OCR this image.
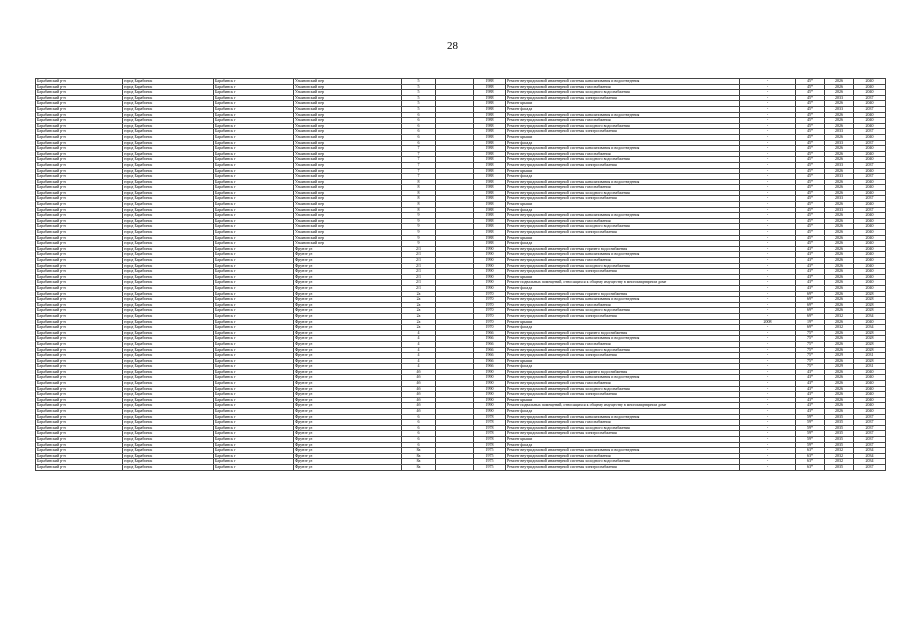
28
Барабинский р-н	город Барабинск	Барабинск г	Ульяновский пер	5		1988	Ремонт внутридомовой инженерной системы канализования и водоотведения	-	45*	2026	2040
Барабинский р-н	город Барабинск	Барабинск г	Ульяновский пер	5		1988	Ремонт внутридомовой инженерной системы газоснабжения	-	45*	2026	2040
Барабинский р-н	город Барабинск	Барабинск г	Ульяновский пер	5		1988	Ремонт внутридомовой инженерной системы холодного водоснабжения	-	45*	2026	2040
Барабинский р-н	город Барабинск	Барабинск г	Ульяновский пер	5		1988	Ремонт внутридомовой инженерной системы электроснабжения	-	45*	2033	2037
Барабинский р-н	город Барабинск	Барабинск г	Ульяновский пер	5		1988	Ремонт крыши	-	45*	2026	2040
Барабинский р-н	город Барабинск	Барабинск г	Ульяновский пер	5		1988	Ремонт фасада	-	45*	2033	2037
Барабинский р-н	город Барабинск	Барабинск г	Ульяновский пер	6		1988	Ремонт внутридомовой инженерной системы канализования и водоотведения	-	45*	2026	2040
Барабинский р-н	город Барабинск	Барабинск г	Ульяновский пер	6		1988	Ремонт внутридомовой инженерной системы газоснабжения	-	45*	2026	2040
Барабинский р-н	город Барабинск	Барабинск г	Ульяновский пер	6		1988	Ремонт внутридомовой инженерной системы холодного водоснабжения	-	45*	2026	2040
Барабинский р-н	город Барабинск	Барабинск г	Ульяновский пер	6		1988	Ремонт внутридомовой инженерной системы электроснабжения	-	45*	2033	2037
Барабинский р-н	город Барабинск	Барабинск г	Ульяновский пер	6		1988	Ремонт крыши	-	45*	2026	2040
Барабинский р-н	город Барабинск	Барабинск г	Ульяновский пер	6		1988	Ремонт фасада	-	45*	2033	2037
Барабинский р-н	город Барабинск	Барабинск г	Ульяновский пер	7		1988	Ремонт внутридомовой инженерной системы канализования и водоотведения	-	45*	2026	2040
Барабинский р-н	город Барабинск	Барабинск г	Ульяновский пер	7		1988	Ремонт внутридомовой инженерной системы газоснабжения	-	45*	2026	2040
Барабинский р-н	город Барабинск	Барабинск г	Ульяновский пер	7		1988	Ремонт внутридомовой инженерной системы холодного водоснабжения	-	45*	2026	2040
Барабинский р-н	город Барабинск	Барабинск г	Ульяновский пер	7		1988	Ремонт внутридомовой инженерной системы электроснабжения	-	45*	2033	2037
Барабинский р-н	город Барабинск	Барабинск г	Ульяновский пер	7		1988	Ремонт крыши	-	45*	2026	2040
Барабинский р-н	город Барабинск	Барабинск г	Ульяновский пер	7		1988	Ремонт фасада	-	45*	2033	2037
Барабинский р-н	город Барабинск	Барабинск г	Ульяновский пер	8		1988	Ремонт внутридомовой инженерной системы канализования и водоотведения	-	45*	2026	2040
Барабинский р-н	город Барабинск	Барабинск г	Ульяновский пер	8		1988	Ремонт внутридомовой инженерной системы газоснабжения	-	45*	2026	2040
Барабинский р-н	город Барабинск	Барабинск г	Ульяновский пер	8		1988	Ремонт внутридомовой инженерной системы холодного водоснабжения	-	45*	2026	2040
Барабинский р-н	город Барабинск	Барабинск г	Ульяновский пер	8		1988	Ремонт внутридомовой инженерной системы электроснабжения	-	45*	2033	2037
Барабинский р-н	город Барабинск	Барабинск г	Ульяновский пер	8		1988	Ремонт крыши	-	45*	2026	2040
Барабинский р-н	город Барабинск	Барабинск г	Ульяновский пер	8		1988	Ремонт фасада	-	45*	2033	2037
Барабинский р-н	город Барабинск	Барабинск г	Ульяновский пер	9		1988	Ремонт внутридомовой инженерной системы канализования и водоотведения	-	45*	2026	2040
Барабинский р-н	город Барабинск	Барабинск г	Ульяновский пер	9		1988	Ремонт внутридомовой инженерной системы газоснабжения	-	45*	2026	2040
Барабинский р-н	город Барабинск	Барабинск г	Ульяновский пер	9		1988	Ремонт внутридомовой инженерной системы холодного водоснабжения	-	45*	2026	2040
Барабинский р-н	город Барабинск	Барабинск г	Ульяновский пер	9		1988	Ремонт внутридомовой инженерной системы электроснабжения	-	45*	2026	2040
Барабинский р-н	город Барабинск	Барабинск г	Ульяновский пер	9		1988	Ремонт крыши	-	45*	2026	2040
Барабинский р-н	город Барабинск	Барабинск г	Ульяновский пер	9		1988	Ремонт фасада	-	45*	2026	2040
Барабинский р-н	город Барабинск	Барабинск г	Фрунзе ул	2/1		1990	Ремонт внутридомовой инженерной системы горячего водоснабжения	-	43*	2026	2040
Барабинский р-н	город Барабинск	Барабинск г	Фрунзе ул	2/1		1990	Ремонт внутридомовой инженерной системы канализования и водоотведения	-	43*	2026	2040
Барабинский р-н	город Барабинск	Барабинск г	Фрунзе ул	2/1		1990	Ремонт внутридомовой инженерной системы газоснабжения	-	43*	2026	2040
Барабинский р-н	город Барабинск	Барабинск г	Фрунзе ул	2/1		1990	Ремонт внутридомовой инженерной системы холодного водоснабжения	-	43*	2026	2040
Барабинский р-н	город Барабинск	Барабинск г	Фрунзе ул	2/1		1990	Ремонт внутридомовой инженерной системы электроснабжения	-	43*	2026	2040
Барабинский р-н	город Барабинск	Барабинск г	Фрунзе ул	2/1		1990	Ремонт крыши	-	43*	2026	2040
Барабинский р-н	город Барабинск	Барабинск г	Фрунзе ул	2/1		1990	Ремонт подвальных помещений, относящихся к общему имуществу в многоквартирном доме	-	43*	2026	2040
Барабинский р-н	город Барабинск	Барабинск г	Фрунзе ул	2/1		1990	Ремонт фасада	-	43*	2026	2040
Барабинский р-н	город Барабинск	Барабинск г	Фрунзе ул	2а		1970	Ремонт внутридомовой инженерной системы горячего водоснабжения	-	69*	2026	2028
Барабинский р-н	город Барабинск	Барабинск г	Фрунзе ул	2а		1970	Ремонт внутридомовой инженерной системы канализования и водоотведения	-	69*	2026	2028
Барабинский р-н	город Барабинск	Барабинск г	Фрунзе ул	2а		1970	Ремонт внутридомовой инженерной системы газоснабжения	-	69*	2026	2028
Барабинский р-н	город Барабинск	Барабинск г	Фрунзе ул	2а		1970	Ремонт внутридомовой инженерной системы холодного водоснабжения	-	69*	2026	2028
Барабинский р-н	город Барабинск	Барабинск г	Фрунзе ул	2а		1970	Ремонт внутридомовой инженерной системы электроснабжения	-	69*	2032	2034
Барабинский р-н	город Барабинск	Барабинск г	Фрунзе ул	2а		1970	Ремонт крыши	2008	19*	2026	2040
Барабинский р-н	город Барабинск	Барабинск г	Фрунзе ул	2а		1970	Ремонт фасада	-	69*	2032	2034
Барабинский р-н	город Барабинск	Барабинск г	Фрунзе ул	4		1966	Ремонт внутридомовой инженерной системы горячего водоснабжения	-	75*	2026	2028
Барабинский р-н	город Барабинск	Барабинск г	Фрунзе ул	4		1966	Ремонт внутридомовой инженерной системы канализования и водоотведения	-	75*	2026	2028
Барабинский р-н	город Барабинск	Барабинск г	Фрунзе ул	4		1966	Ремонт внутридомовой инженерной системы газоснабжения	-	75*	2026	2028
Барабинский р-н	город Барабинск	Барабинск г	Фрунзе ул	4		1966	Ремонт внутридомовой инженерной системы холодного водоснабжения	-	75*	2026	2028
Барабинский р-н	город Барабинск	Барабинск г	Фрунзе ул	4		1966	Ремонт внутридомовой инженерной системы электроснабжения	-	75*	2029	2031
Барабинский р-н	город Барабинск	Барабинск г	Фрунзе ул	4		1966	Ремонт крыши	-	75*	2026	2028
Барабинский р-н	город Барабинск	Барабинск г	Фрунзе ул	4		1966	Ремонт фасада	-	75*	2029	2031
Барабинский р-н	город Барабинск	Барабинск г	Фрунзе ул	4б		1990	Ремонт внутридомовой инженерной системы горячего водоснабжения	-	43*	2026	2040
Барабинский р-н	город Барабинск	Барабинск г	Фрунзе ул	4б		1990	Ремонт внутридомовой инженерной системы канализования и водоотведения	-	43*	2026	2040
Барабинский р-н	город Барабинск	Барабинск г	Фрунзе ул	4б		1990	Ремонт внутридомовой инженерной системы газоснабжения	-	43*	2026	2040
Барабинский р-н	город Барабинск	Барабинск г	Фрунзе ул	4б		1990	Ремонт внутридомовой инженерной системы холодного водоснабжения	-	43*	2026	2040
Барабинский р-н	город Барабинск	Барабинск г	Фрунзе ул	4б		1990	Ремонт внутридомовой инженерной системы электроснабжения	-	43*	2026	2040
Барабинский р-н	город Барабинск	Барабинск г	Фрунзе ул	4б		1990	Ремонт крыши	-	43*	2026	2040
Барабинский р-н	город Барабинск	Барабинск г	Фрунзе ул	4б		1990	Ремонт подвальных помещений, относящихся к общему имуществу в многоквартирном доме	-	43*	2026	2040
Барабинский р-н	город Барабинск	Барабинск г	Фрунзе ул	4б		1990	Ремонт фасада	-	43*	2026	2040
Барабинский р-н	город Барабинск	Барабинск г	Фрунзе ул	6		1978	Ремонт внутридомовой инженерной системы канализования и водоотведения	-	59*	2035	2037
Барабинский р-н	город Барабинск	Барабинск г	Фрунзе ул	6		1978	Ремонт внутридомовой инженерной системы газоснабжения	-	59*	2035	2037
Барабинский р-н	город Барабинск	Барабинск г	Фрунзе ул	6		1978	Ремонт внутридомовой инженерной системы холодного водоснабжения	-	59*	2035	2037
Барабинский р-н	город Барабинск	Барабинск г	Фрунзе ул	6		1978	Ремонт внутридомовой инженерной системы электроснабжения	-	59*	2035	2037
Барабинский р-н	город Барабинск	Барабинск г	Фрунзе ул	6		1978	Ремонт крыши	-	59*	2035	2037
Барабинский р-н	город Барабинск	Барабинск г	Фрунзе ул	6		1978	Ремонт фасада	-	59*	2035	2037
Барабинский р-н	город Барабинск	Барабинск г	Фрунзе ул	8а		1975	Ремонт внутридомовой инженерной системы канализования и водоотведения	-	63*	2032	2034
Барабинский р-н	город Барабинск	Барабинск г	Фрунзе ул	8а		1975	Ремонт внутридомовой инженерной системы газоснабжения	-	63*	2032	2034
Барабинский р-н	город Барабинск	Барабинск г	Фрунзе ул	8а		1975	Ремонт внутридомовой инженерной системы холодного водоснабжения	-	63*	2032	2034
Барабинский р-н	город Барабинск	Барабинск г	Фрунзе ул	8а		1975	Ремонт внутридомовой инженерной системы электроснабжения	-	63*	2035	2037
